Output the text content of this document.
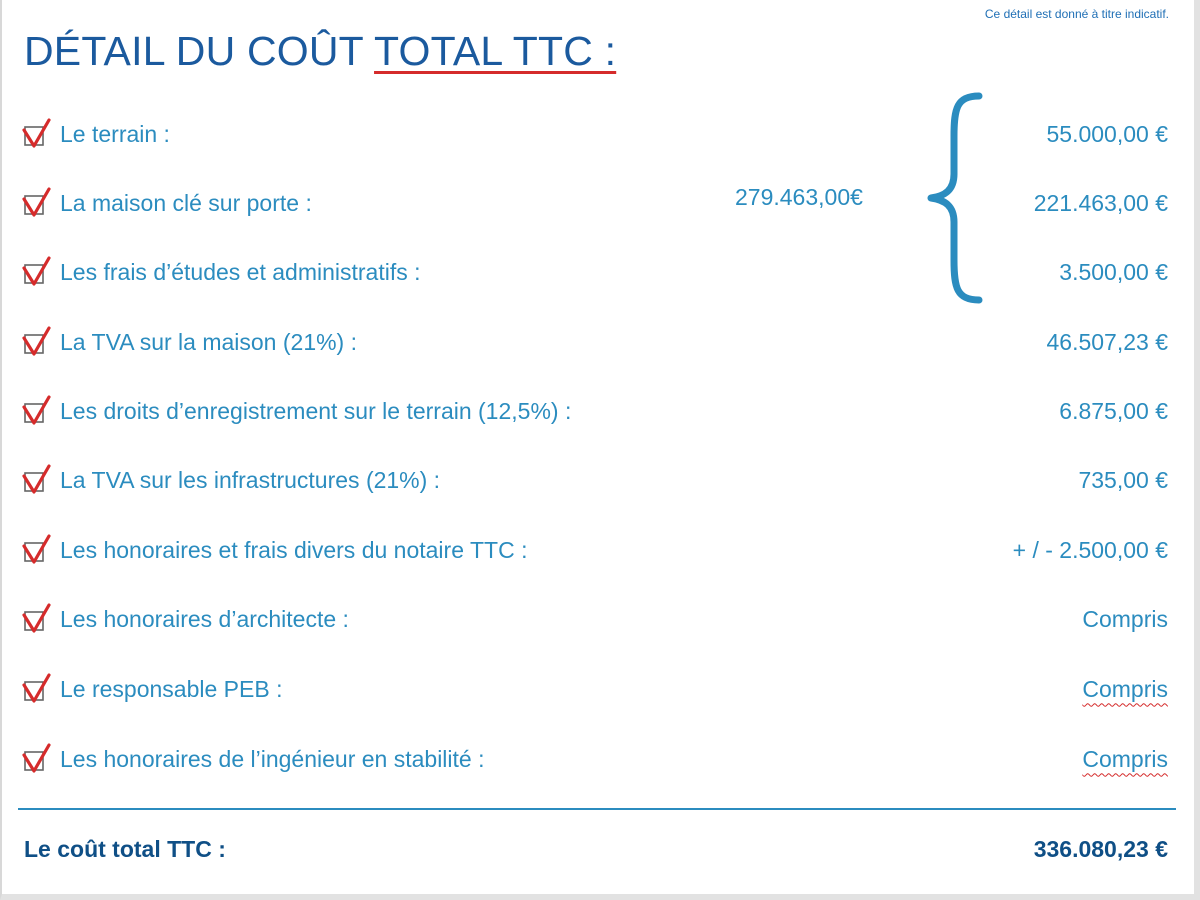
Ce détail est donné à titre indicatif.
DÉTAIL DU COÛT TOTAL TTC :
Le terrain :	55.000,00 €
La maison clé sur porte :	221.463,00 €
Les frais d’études et administratifs :	3.500,00 €
La TVA sur la maison (21%) :	46.507,23 €
Les droits d’enregistrement sur le terrain (12,5%) :	6.875,00 €
La TVA sur les infrastructures (21%) :	735,00 €
Les honoraires et frais divers du notaire TTC :	+ / - 2.500,00 €
Les honoraires d’architecte :	Compris
Le responsable PEB :	Compris
Les honoraires de l’ingénieur en stabilité :	Compris
279.463,00€
Le coût total TTC :	336.080,23 €
